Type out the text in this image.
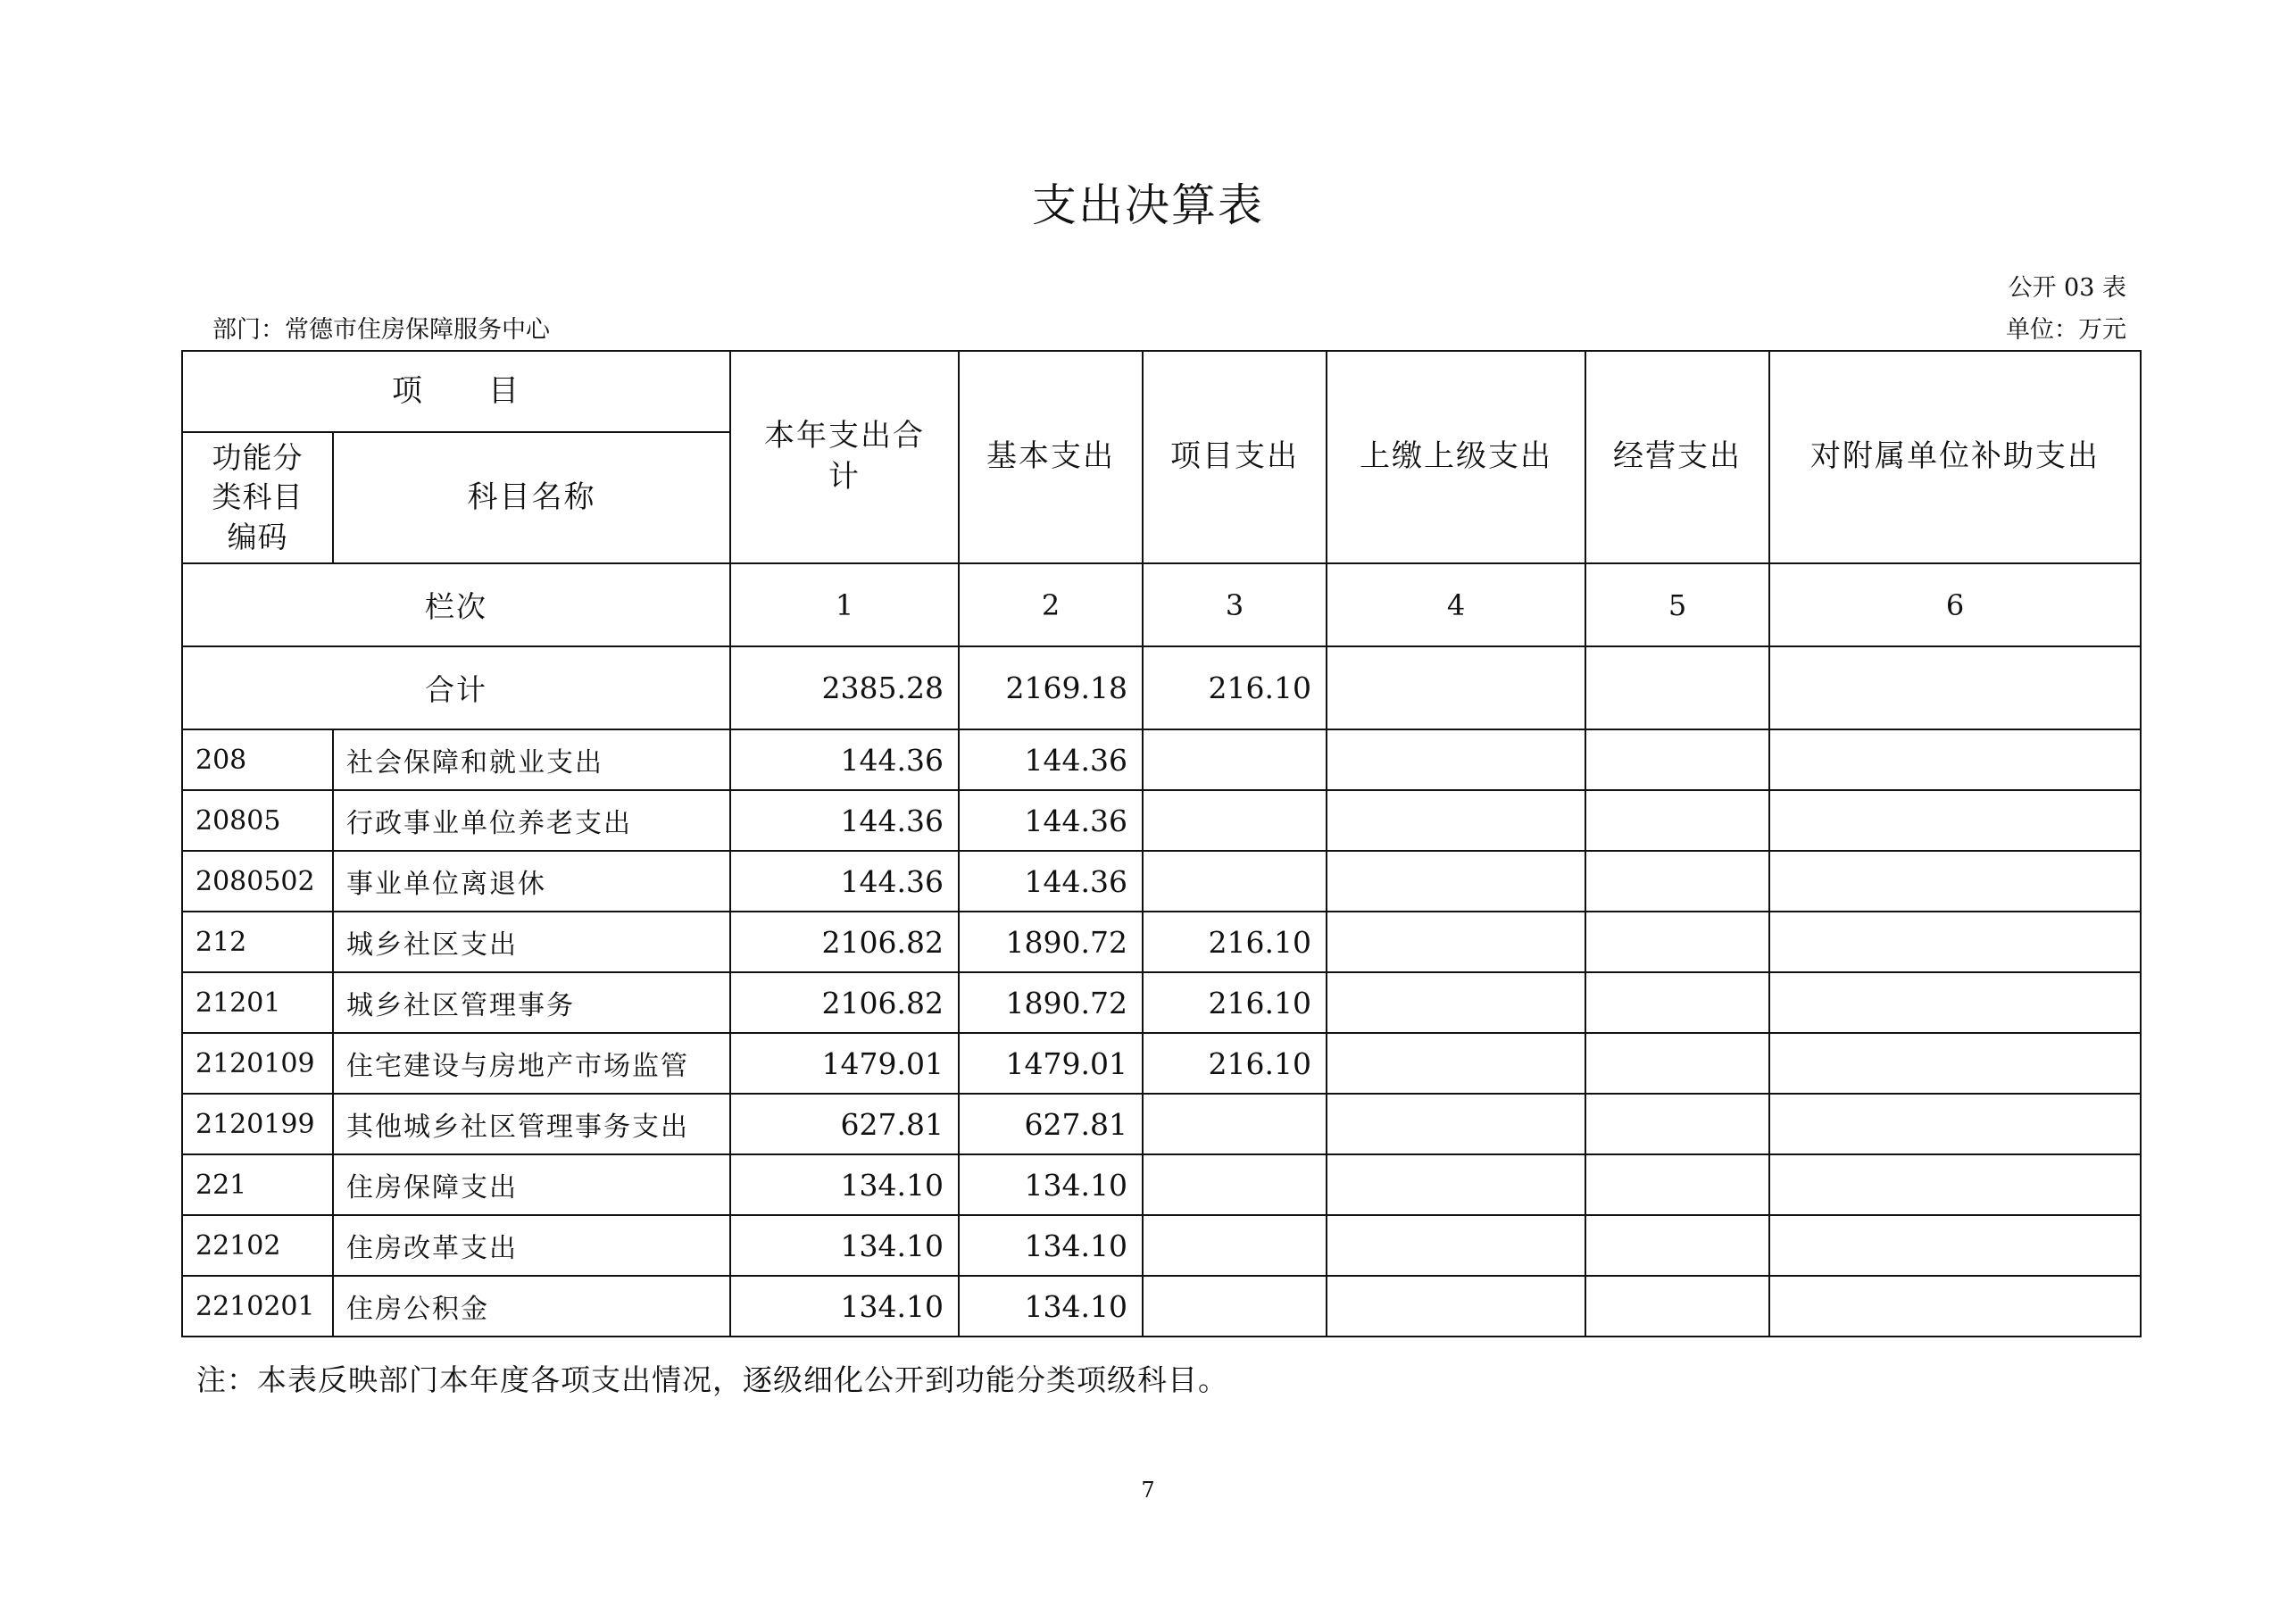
支出决算表
公开 03 表
部门：常德市住房保障服务中心	单位：万元
项　　目		本年支出合计	基本支出	项目支出	上缴上级支出	经营支出	对附属单位补助支出
功能分类科目编码	科目名称						
栏次		1	2	3	4	5	6
合计		2385.28	2169.18	216.10			
208	社会保障和就业支出	144.36	144.36				
20805	行政事业单位养老支出	144.36	144.36				
2080502	事业单位离退休	144.36	144.36				
212	城乡社区支出	2106.82	1890.72	216.10			
21201	城乡社区管理事务	2106.82	1890.72	216.10			
2120109	住宅建设与房地产市场监管	1479.01	1479.01	216.10			
2120199	其他城乡社区管理事务支出	627.81	627.81				
221	住房保障支出	134.10	134.10				
22102	住房改革支出	134.10	134.10				
2210201	住房公积金	134.10	134.10				
注：本表反映部门本年度各项支出情况，逐级细化公开到功能分类项级科目。
7
